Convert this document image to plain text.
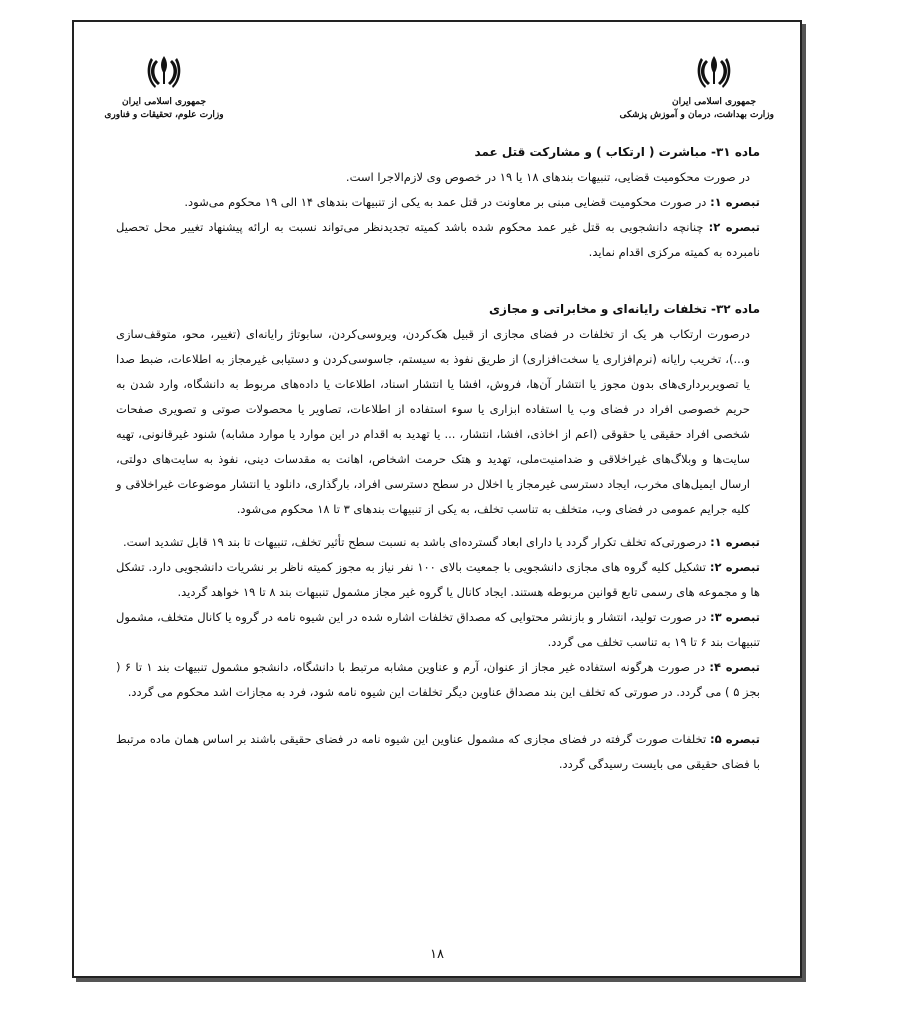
جمهوری اسلامی ایران
وزارت بهداشت، درمان و آموزش پزشکی
جمهوری اسلامی ایران
وزارت علوم، تحقیقات و فناوری
ماده ۳۱- مباشرت ( ارتکاب ) و مشارکت قتل عمد

در صورت محکومیت قضایی، تنبیهات بندهای ۱۸ یا ۱۹ در خصوص وی لازم‌الاجرا است.

تبصره ۱: در صورت محکومیت قضایی مبنی بر معاونت در قتل عمد به یکی از تنبیهات بندهای ۱۴ الی ۱۹ محکوم می‌شود.

تبصره ۲: چنانچه دانشجویی به قتل غیر عمد محکوم شده باشد کمیته تجدیدنظر می‌تواند نسبت به ارائه پیشنهاد تغییر محل تحصیل نامبرده به کمیته مرکزی اقدام نماید.

ماده ۳۲- تخلفات رایانه‌ای و مخابراتی و مجازی

درصورت ارتکاب هر یک از تخلفات در فضای مجازی از قبیل هک‌کردن، ویروسی‌کردن، سابوتاژ رایانه‌ای (تغییر، محو، متوقف‌سازی و...)، تخریب رایانه (نرم‌افزاری یا سخت‌افزاری) از طریق نفوذ به سیستم، جاسوسی‌کردن و دستیابی غیرمجاز به اطلاعات، ضبط صدا یا تصویربرداری‌های بدون مجوز یا انتشار آن‌ها، فروش، افشا یا انتشار اسناد، اطلاعات یا داده‌های مربوط به دانشگاه، وارد شدن به حریم خصوصی افراد در فضای وب یا استفاده ابزاری یا سوء استفاده از اطلاعات، تصاویر یا محصولات صوتی و تصویری صفحات شخصی افراد حقیقی یا حقوقی (اعم از اخاذی، افشا، انتشار، ... یا تهدید به اقدام در این موارد یا موارد مشابه) شنود غیرقانونی، تهیه سایت‌ها و وبلاگ‌های غیراخلاقی و ضدامنیت‌ملی، تهدید و هتک حرمت اشخاص، اهانت به مقدسات دینی، نفوذ به سایت‌های دولتی، ارسال ایمیل‌های مخرب، ایجاد دسترسی غیرمجاز یا اخلال در سطح دسترسی افراد، بارگذاری، دانلود یا انتشار موضوعات غیراخلاقی و کلیه جرایم عمومی در فضای وب، متخلف به تناسب تخلف، به یکی از تنبیهات بندهای ۳ تا ۱۸ محکوم می‌شود.

تبصره ۱: درصورتی‌که تخلف تکرار گردد یا دارای ابعاد گسترده‌ای باشد به نسبت سطح تأثیر تخلف، تنبیهات تا بند ۱۹ قابل تشدید است.

تبصره ۲: تشکیل کلیه گروه های مجازی دانشجویی با جمعیت بالای ۱۰۰ نفر نیاز به مجوز کمیته ناظر بر نشریات دانشجویی دارد. تشکل ها و مجموعه های رسمی تابع قوانین مربوطه هستند. ایجاد کانال یا گروه غیر مجاز مشمول تنبیهات بند ۸ تا ۱۹ خواهد گردید.

تبصره ۳: در صورت تولید، انتشار و بازنشر محتوایی که مصداق تخلفات اشاره شده در این شیوه نامه در گروه یا کانال متخلف، مشمول تنبیهات بند ۶ تا ۱۹ به تناسب تخلف می گردد.

تبصره ۴: در صورت هرگونه استفاده غیر مجاز از عنوان، آرم و عناوین مشابه مرتبط با دانشگاه، دانشجو مشمول تنبیهات بند ۱ تا ۶ ( بجز ۵ ) می گردد. در صورتی که تخلف این بند مصداق عناوین دیگر تخلفات این شیوه نامه شود، فرد به مجازات اشد محکوم می گردد.

تبصره ۵: تخلفات صورت گرفته در فضای مجازی که مشمول عناوین این شیوه نامه در فضای حقیقی باشند بر اساس همان ماده مرتبط با فضای حقیقی می بایست رسیدگی گردد.

۱۸
